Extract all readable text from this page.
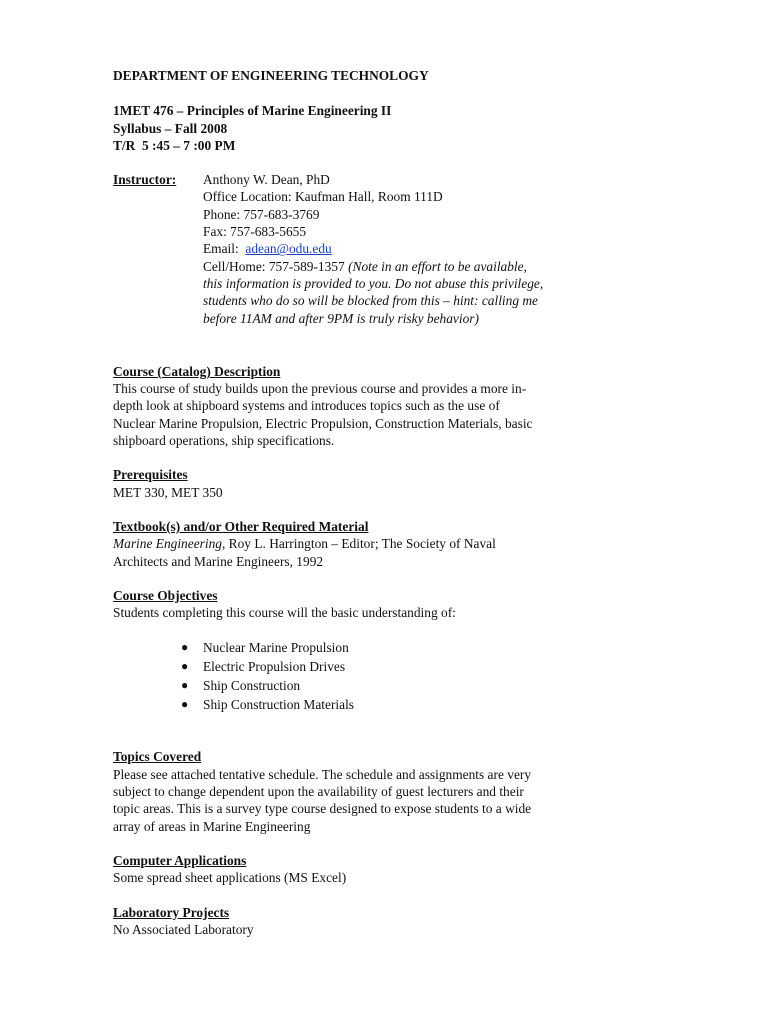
DEPARTMENT OF ENGINEERING TECHNOLOGY
1MET 476 – Principles of Marine Engineering II
Syllabus – Fall 2008
T/R  5 :45 – 7 :00 PM
Instructor:	Anthony W. Dean, PhD
Office Location: Kaufman Hall, Room 111D
Phone: 757-683-3769
Fax: 757-683-5655
Email:  adean@odu.edu
Cell/Home: 757-589-1357 (Note in an effort to be available,
this information is provided to you. Do not abuse this privilege,
students who do so will be blocked from this – hint: calling me
before 11AM and after 9PM is truly risky behavior)
Course (Catalog) Description
This course of study builds upon the previous course and provides a more in-
depth look at shipboard systems and introduces topics such as the use of
Nuclear Marine Propulsion, Electric Propulsion, Construction Materials, basic
shipboard operations, ship specifications.
Prerequisites
MET 330, MET 350
Textbook(s) and/or Other Required Material
Marine Engineering, Roy L. Harrington – Editor; The Society of Naval
Architects and Marine Engineers, 1992
Course Objectives
Students completing this course will the basic understanding of:
● Nuclear Marine Propulsion
● Electric Propulsion Drives
● Ship Construction
● Ship Construction Materials
Topics Covered
Please see attached tentative schedule. The schedule and assignments are very
subject to change dependent upon the availability of guest lecturers and their
topic areas. This is a survey type course designed to expose students to a wide
array of areas in Marine Engineering
Computer Applications
Some spread sheet applications (MS Excel)
Laboratory Projects
No Associated Laboratory
